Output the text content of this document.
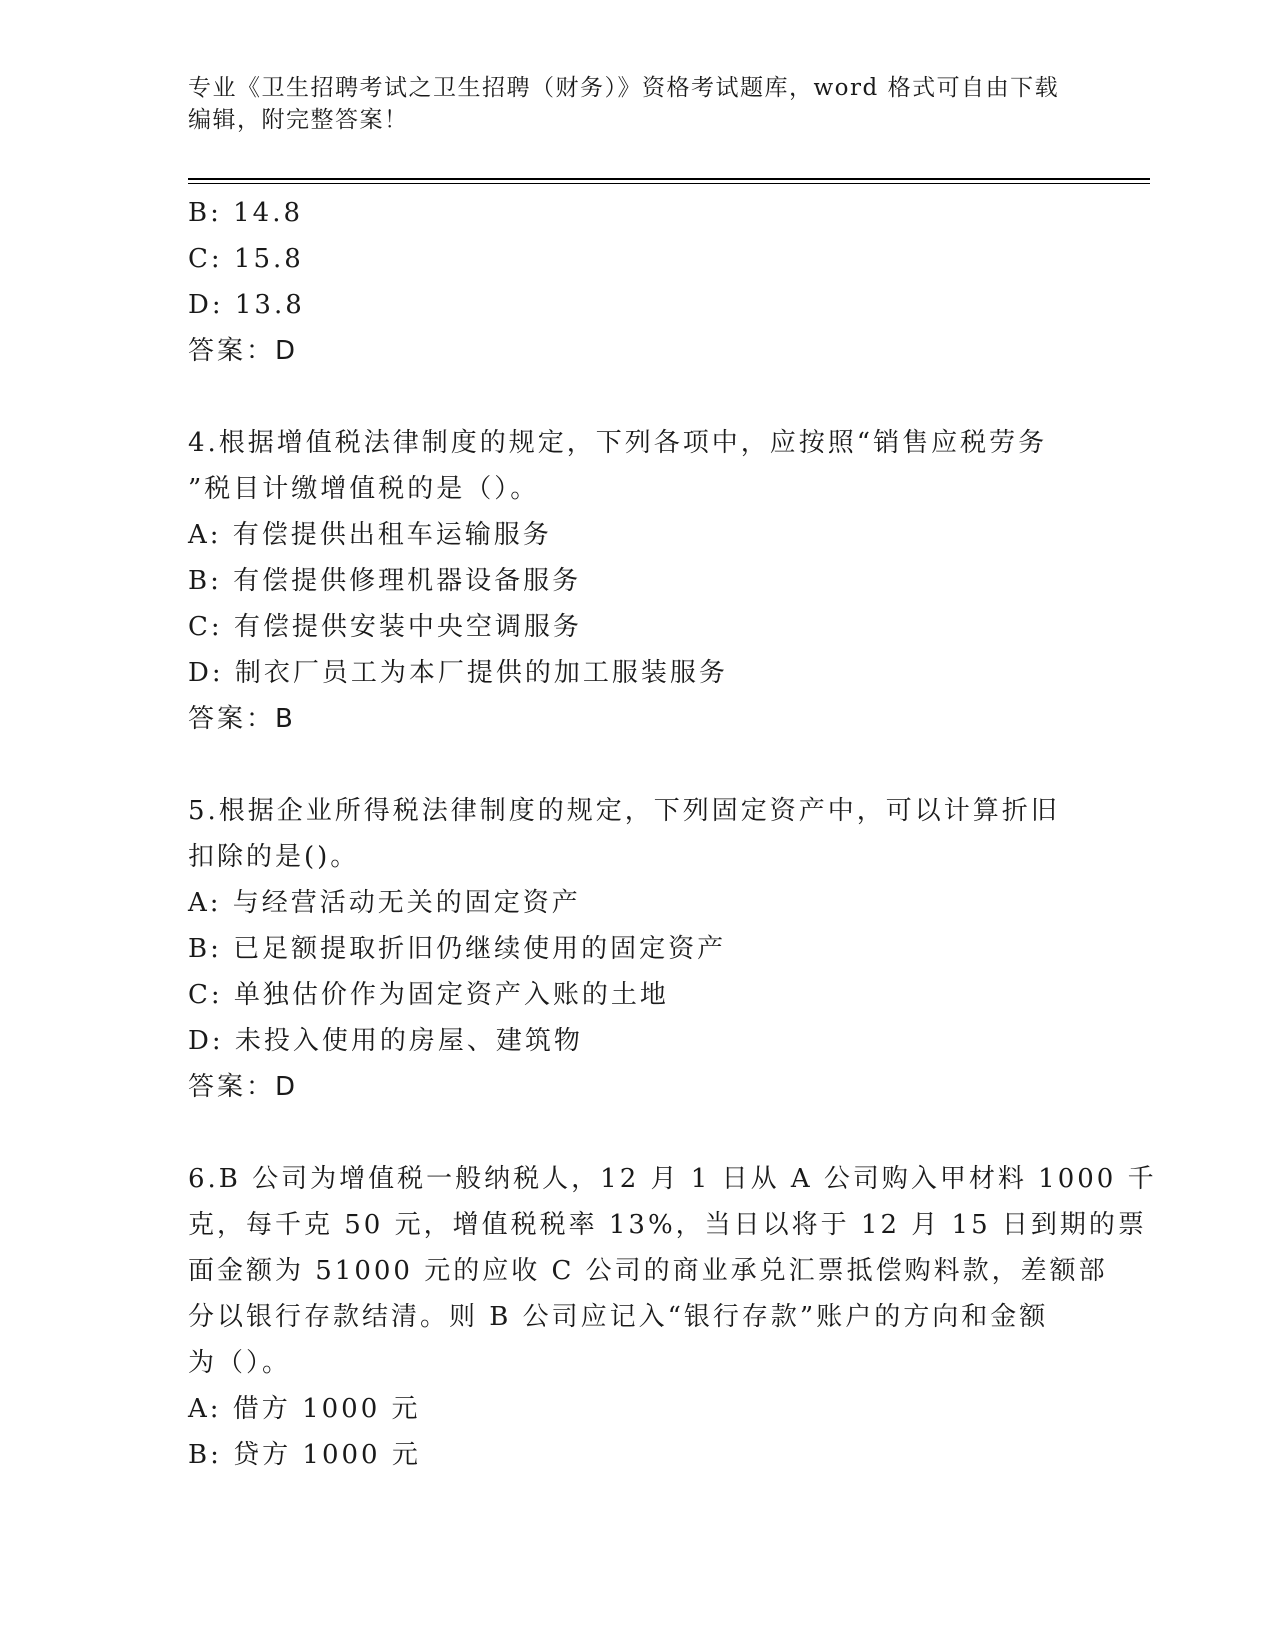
专业《卫生招聘考试之卫生招聘（财务）》资格考试题库，word 格式可自由下载
编辑，附完整答案！
B: 14.8
C: 15.8
D: 13.8
答案：D
4.根据增值税法律制度的规定，下列各项中，应按照“销售应税劳务
”税目计缴增值税的是（）。
A: 有偿提供出租车运输服务
B: 有偿提供修理机器设备服务
C: 有偿提供安装中央空调服务
D: 制衣厂员工为本厂提供的加工服装服务
答案：B
5.根据企业所得税法律制度的规定，下列固定资产中，可以计算折旧
扣除的是()。
A: 与经营活动无关的固定资产
B: 已足额提取折旧仍继续使用的固定资产
C: 单独估价作为固定资产入账的土地
D: 未投入使用的房屋、建筑物
答案：D
6.B 公司为增值税一般纳税人，12 月 1 日从 A 公司购入甲材料 1000 千
克，每千克 50 元，增值税税率 13%，当日以将于 12 月 15 日到期的票
面金额为 51000 元的应收 C 公司的商业承兑汇票抵偿购料款，差额部
分以银行存款结清。则 B 公司应记入“银行存款”账户的方向和金额
为（）。
A: 借方 1000 元
B: 贷方 1000 元
